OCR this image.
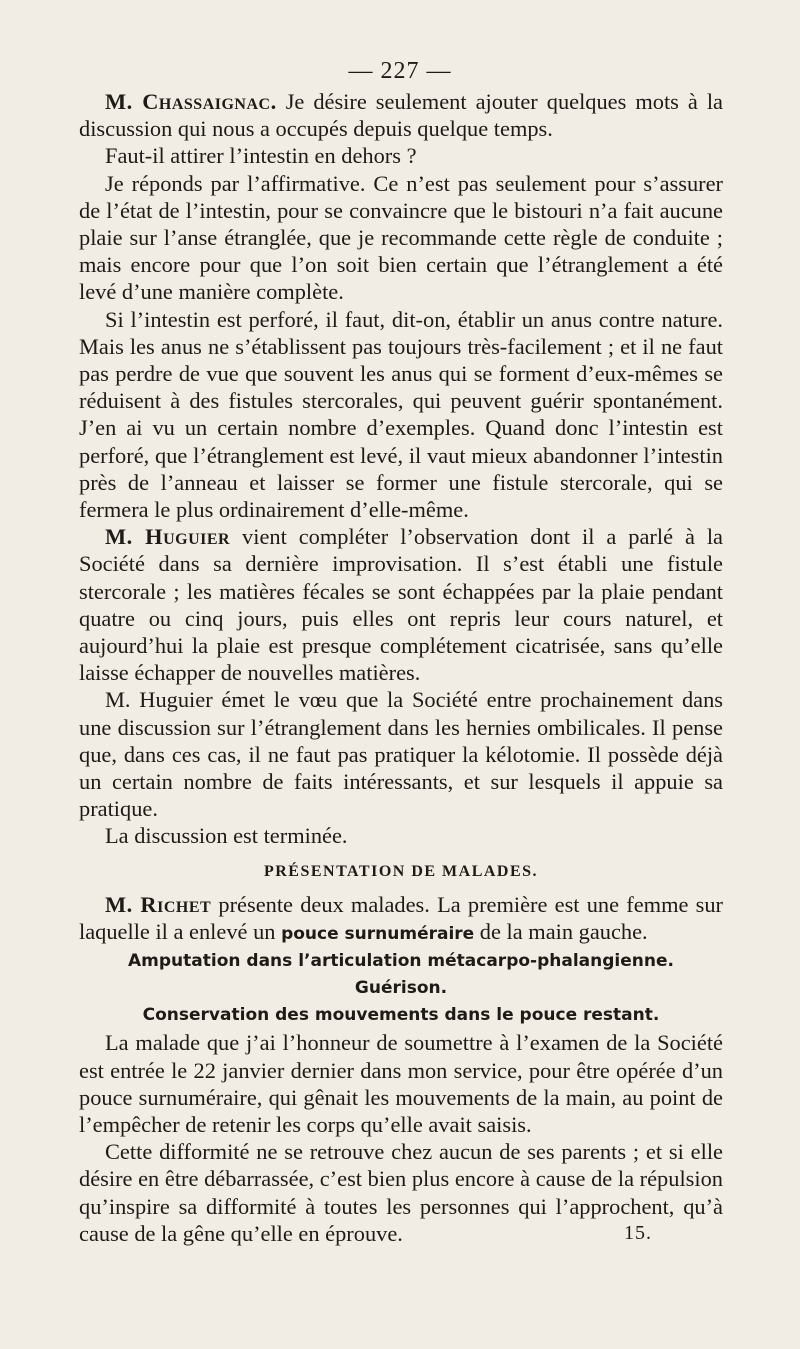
— 227 —

M. Chassaignac. Je désire seulement ajouter quelques mots à la discussion qui nous a occupés depuis quelque temps.

Faut-il attirer l’intestin en dehors ?

Je réponds par l’affirmative. Ce n’est pas seulement pour s’assurer de l’état de l’intestin, pour se convaincre que le bistouri n’a fait aucune plaie sur l’anse étranglée, que je recommande cette règle de conduite ; mais encore pour que l’on soit bien certain que l’étranglement a été levé d’une manière complète.

Si l’intestin est perforé, il faut, dit-on, établir un anus contre nature. Mais les anus ne s’établissent pas toujours très-facilement ; et il ne faut pas perdre de vue que souvent les anus qui se forment d’eux-mêmes se réduisent à des fistules stercorales, qui peuvent guérir spontanément. J’en ai vu un certain nombre d’exemples. Quand donc l’intestin est perforé, que l’étranglement est levé, il vaut mieux abandonner l’intestin près de l’anneau et laisser se former une fistule stercorale, qui se fermera le plus ordinairement d’elle-même.

M. Huguier vient compléter l’observation dont il a parlé à la Société dans sa dernière improvisation. Il s’est établi une fistule stercorale ; les matières fécales se sont échappées par la plaie pendant quatre ou cinq jours, puis elles ont repris leur cours naturel, et aujourd’hui la plaie est presque complétement cicatrisée, sans qu’elle laisse échapper de nouvelles matières.

M. Huguier émet le vœu que la Société entre prochainement dans une discussion sur l’étranglement dans les hernies ombilicales. Il pense que, dans ces cas, il ne faut pas pratiquer la kélotomie. Il possède déjà un certain nombre de faits intéressants, et sur lesquels il appuie sa pratique.

La discussion est terminée.

PRÉSENTATION DE MALADES.

M. Richet présente deux malades. La première est une femme sur laquelle il a enlevé un pouce surnuméraire de la main gauche.

Amputation dans l’articulation métacarpo-phalangienne. Guérison.
Conservation des mouvements dans le pouce restant.

La malade que j’ai l’honneur de soumettre à l’examen de la Société est entrée le 22 janvier dernier dans mon service, pour être opérée d’un pouce surnuméraire, qui gênait les mouvements de la main, au point de l’empêcher de retenir les corps qu’elle avait saisis.

Cette difformité ne se retrouve chez aucun de ses parents ; et si elle désire en être débarrassée, c’est bien plus encore à cause de la répulsion qu’inspire sa difformité à toutes les personnes qui l’approchent, qu’à cause de la gêne qu’elle en éprouve.	15.
